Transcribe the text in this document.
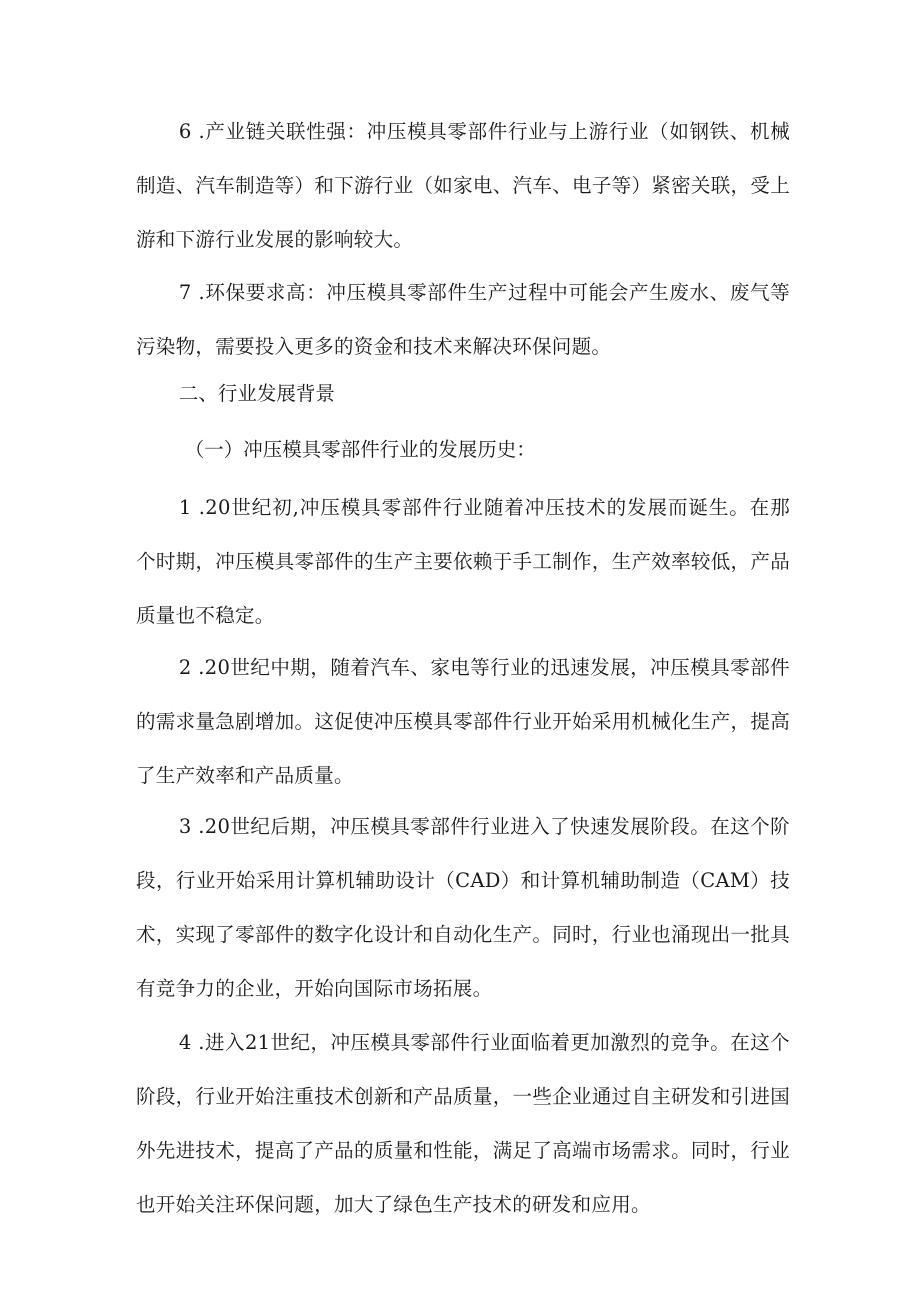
6 .产业链关联性强：冲压模具零部件行业与上游行业（如钢铁、机械制造、汽车制造等）和下游行业（如家电、汽车、电子等）紧密关联，受上游和下游行业发展的影响较大。

7 .环保要求高：冲压模具零部件生产过程中可能会产生废水、废气等污染物，需要投入更多的资金和技术来解决环保问题。

二、行业发展背景

（一）冲压模具零部件行业的发展历史：

1 .20世纪初,冲压模具零部件行业随着冲压技术的发展而诞生。在那个时期，冲压模具零部件的生产主要依赖于手工制作，生产效率较低，产品质量也不稳定。

2 .20世纪中期，随着汽车、家电等行业的迅速发展，冲压模具零部件的需求量急剧增加。这促使冲压模具零部件行业开始采用机械化生产，提高了生产效率和产品质量。

3 .20世纪后期，冲压模具零部件行业进入了快速发展阶段。在这个阶段，行业开始采用计算机辅助设计（CAD）和计算机辅助制造（CAM）技术，实现了零部件的数字化设计和自动化生产。同时，行业也涌现出一批具有竞争力的企业，开始向国际市场拓展。

4 .进入21世纪，冲压模具零部件行业面临着更加激烈的竞争。在这个阶段，行业开始注重技术创新和产品质量，一些企业通过自主研发和引进国外先进技术，提高了产品的质量和性能，满足了高端市场需求。同时，行业也开始关注环保问题，加大了绿色生产技术的研发和应用。
